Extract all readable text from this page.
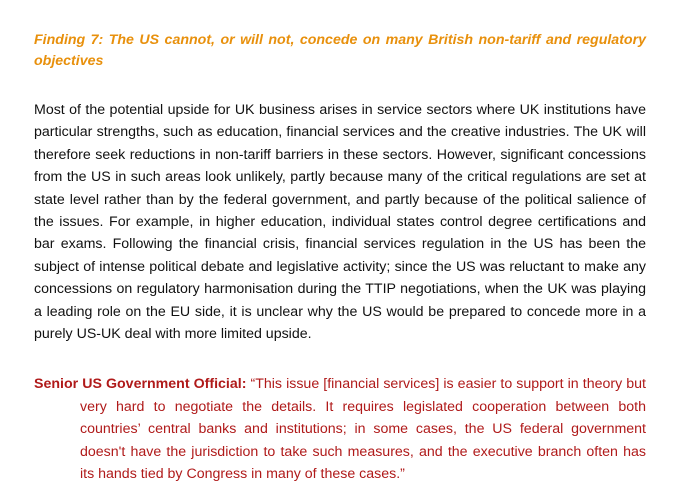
Finding 7: The US cannot, or will not, concede on many British non-tariff and regulatory objectives

Most of the potential upside for UK business arises in service sectors where UK institutions have particular strengths, such as education, financial services and the creative industries. The UK will therefore seek reductions in non-tariff barriers in these sectors. However, significant concessions from the US in such areas look unlikely, partly because many of the critical regulations are set at state level rather than by the federal government, and partly because of the political salience of the issues. For example, in higher education, individual states control degree certifications and bar exams. Following the financial crisis, financial services regulation in the US has been the subject of intense political debate and legislative activity; since the US was reluctant to make any concessions on regulatory harmonisation during the TTIP negotiations, when the UK was playing a leading role on the EU side, it is unclear why the US would be prepared to concede more in a purely US-UK deal with more limited upside.

Senior US Government Official: “This issue [financial services] is easier to support in theory but very hard to negotiate the details. It requires legislated cooperation between both countries’ central banks and institutions; in some cases, the US federal government doesn't have the jurisdiction to take such measures, and the executive branch often has its hands tied by Congress in many of these cases.”
